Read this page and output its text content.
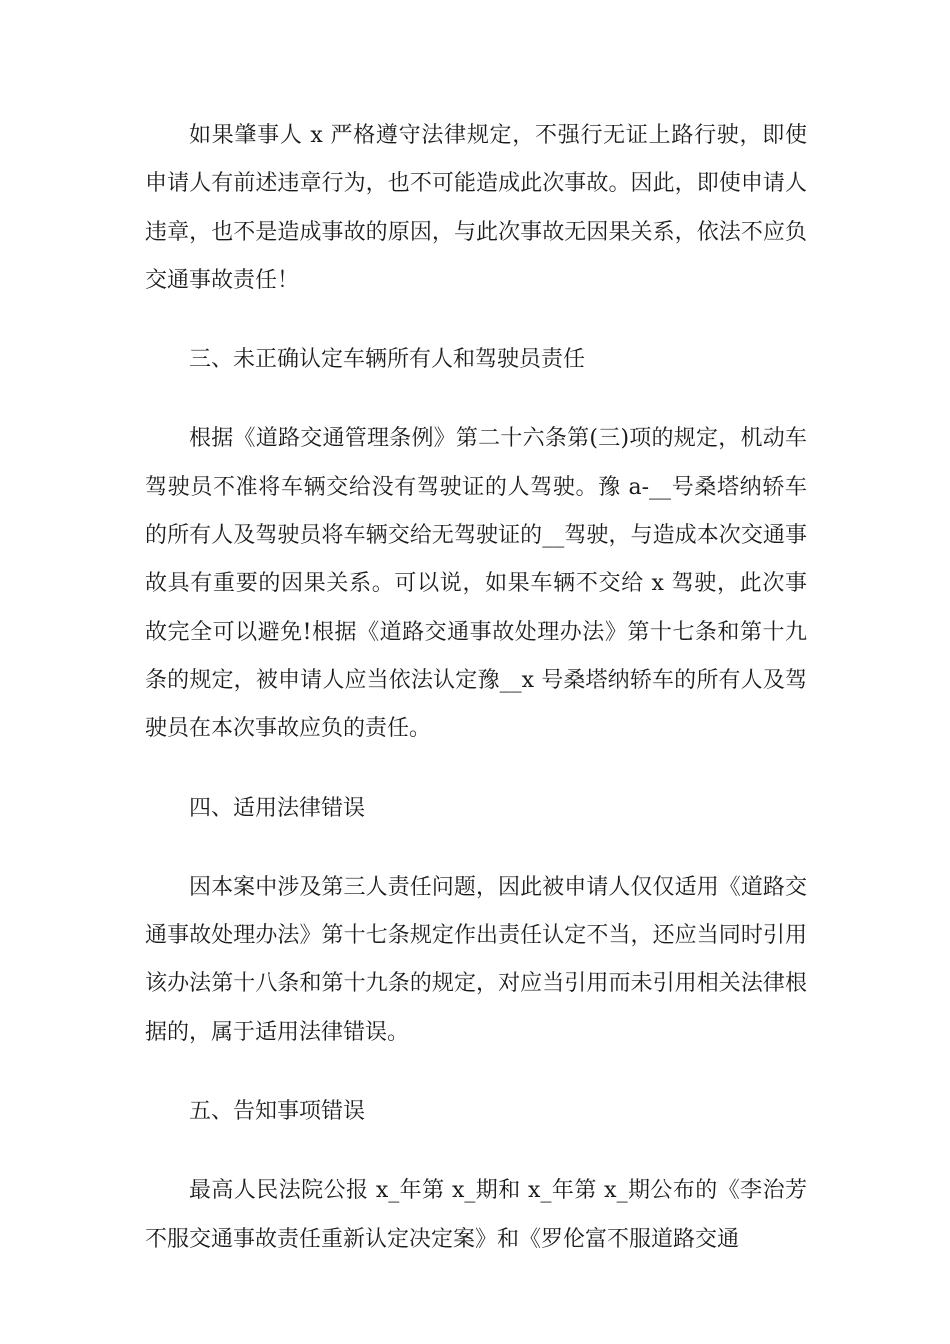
如果肇事人 x 严格遵守法律规定，不强行无证上路行驶，即使申请人有前述违章行为，也不可能造成此次事故。因此，即使申请人违章，也不是造成事故的原因，与此次事故无因果关系，依法不应负交通事故责任！

三、未正确认定车辆所有人和驾驶员责任

根据《道路交通管理条例》第二十六条第(三)项的规定，机动车驾驶员不准将车辆交给没有驾驶证的人驾驶。豫 a-__号桑塔纳轿车的所有人及驾驶员将车辆交给无驾驶证的__驾驶，与造成本次交通事故具有重要的因果关系。可以说，如果车辆不交给 x 驾驶，此次事故完全可以避免!根据《道路交通事故处理办法》第十七条和第十九条的规定，被申请人应当依法认定豫__x 号桑塔纳轿车的所有人及驾驶员在本次事故应负的责任。

四、适用法律错误

因本案中涉及第三人责任问题，因此被申请人仅仅适用《道路交通事故处理办法》第十七条规定作出责任认定不当，还应当同时引用该办法第十八条和第十九条的规定，对应当引用而未引用相关法律根据的，属于适用法律错误。

五、告知事项错误

最高人民法院公报 x_年第 x_期和 x_年第 x_期公布的《李治芳不服交通事故责任重新认定决定案》和《罗伦富不服道路交通
